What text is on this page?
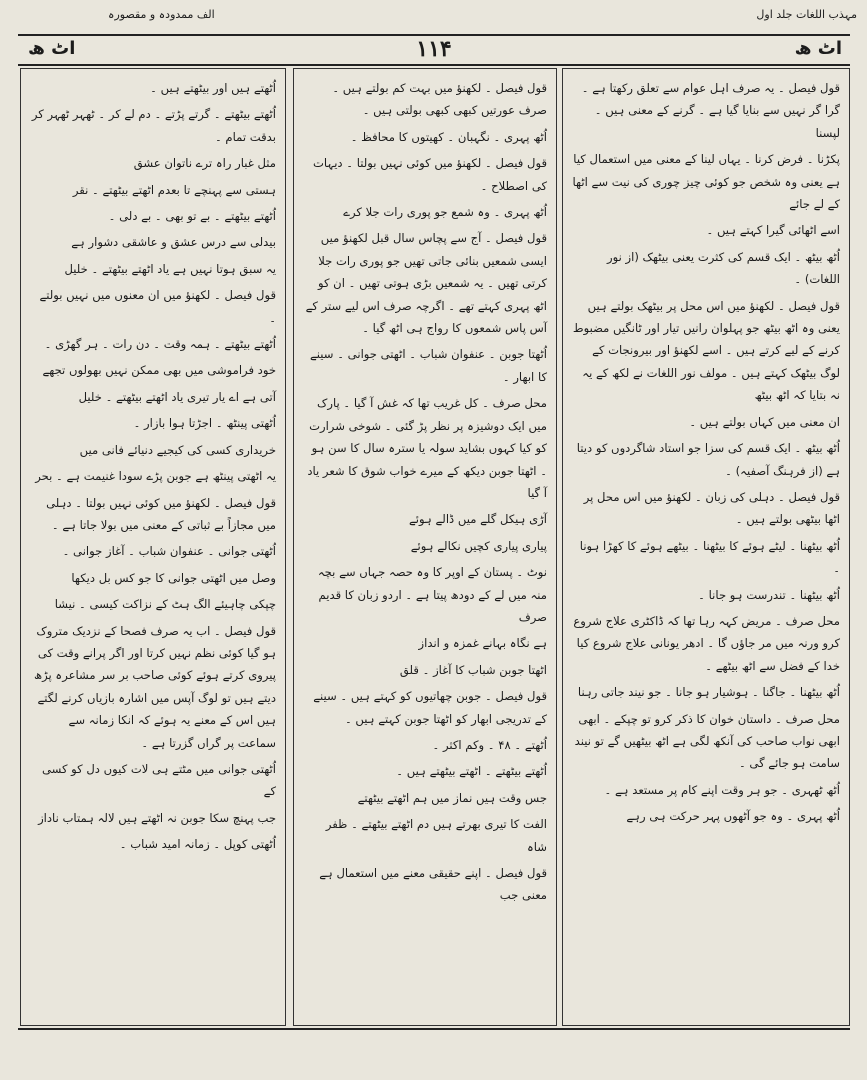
مہذب اللغات جلد اول
الف ممدودہ و مقصورہ
اٹ ھ
۱۱۴
اٹ ھ

قول فیصل ۔ یہ صرف اہل عوام سے تعلق رکھتا ہے ۔ گرا گر نہیں سے بنایا گیا ہے ۔ گرنے کے معنی ہیں ۔ لپسنا

پکڑنا ۔ فرض کرنا ۔ یہاں لینا کے معنی میں استعمال کیا ہے یعنی وہ شخص جو کوئی چیز چوری کی نیت سے اٹھا کے لے جائے

اسے اٹھائی گیرا کہتے ہیں ۔

اُٹھ بیٹھ ۔ ایک قسم کی کثرت یعنی بیٹھک (از نور اللغات) ۔

قول فیصل ۔ لکھنؤ میں اس محل پر بیٹھک بولتے ہیں یعنی وہ اٹھ بیٹھ جو پہلوان رانیں تیار اور ٹانگیں مضبوط کرنے کے لیے کرتے ہیں ۔ اسے لکھنؤ اور بیرونجات کے لوگ بیٹھک کہتے ہیں ۔ مولف نور اللغات نے لکھ کے یہ نہ بتایا کہ اٹھ بیٹھ

ان معنی میں کہاں بولتے ہیں ۔

اُٹھ بیٹھ ۔ ایک قسم کی سزا جو استاد شاگردوں کو دیتا ہے (از فرہنگ آصفیہ) ۔

قول فیصل ۔ دہلی کی زبان ۔ لکھنؤ میں اس محل پر اٹھا بیٹھی بولتے ہیں ۔

اُٹھ بیٹھنا ۔ لیٹے ہوئے کا بیٹھنا ۔ بیٹھے ہوئے کا کھڑا ہونا ۔

اُٹھ بیٹھنا ۔ تندرست ہو جانا ۔

محل صرف ۔ مریض کہہ رہا تھا کہ ڈاکٹری علاج شروع کرو ورنہ میں مر جاؤں گا ۔ ادھر یونانی علاج شروع کیا خدا کے فضل سے اٹھ بیٹھے ۔

اُٹھ بیٹھنا ۔ جاگنا ۔ ہوشیار ہو جانا ۔ جو نیند جاتی رہنا

محل صرف ۔ داستان خوان کا ذکر کرو تو چپکے ۔ ابھی ابھی نواب صاحب کی آنکھ لگی ہے اٹھ بیٹھیں گے تو نیند سامت ہو جائے گی ۔

اُٹھ ٹھہری ۔ جو ہر وقت اپنے کام پر مستعد ہے ۔

اُٹھ پہری ۔ وہ جو آٹھوں پہر حرکت ہی رہے

قول فیصل ۔ لکھنؤ میں بہت کم بولتے ہیں ۔ صرف عورتیں کبھی کبھی بولتی ہیں ۔

اُٹھ پہری ۔ نگہبان ۔ کھیتوں کا محافظ ۔

قول فیصل ۔ لکھنؤ میں کوئی نہیں بولتا ۔ دیہات کی اصطلاح ۔

اُٹھ پہری ۔ وہ شمع جو پوری رات جلا کرے

قول فیصل ۔ آج سے پچاس سال قبل لکھنؤ میں ایسی شمعیں بنائی جاتی تھیں جو پوری رات جلا کرتی تھیں ۔ یہ شمعیں بڑی ہوتی تھیں ۔ ان کو اٹھ پہری کہتے تھے ۔ اگرچہ صرف اس لیے ستر کے آس پاس شمعوں کا رواج ہی اٹھ گیا ۔

اُٹھتا جوبن ۔ عنفوان شباب ۔ اٹھتی جوانی ۔ سینے کا ابھار ۔

محل صرف ۔ کل غریب تھا کہ غش آ گیا ۔ پارک میں ایک دوشیزہ پر نظر پڑ گئی ۔ شوخی شرارت کو کیا کہوں بشاید سولہ یا سترہ سال کا سن ہو ۔ اٹھتا جوبن دیکھ کے میرے خواب شوق کا شعر یاد آ گیا

آڑی ہیکل گلے میں ڈالے ہوئے

پیاری پیاری کچیں نکالے ہوئے

نوٹ ۔ پستان کے اوپر کا وہ حصہ جہاں سے بچہ منہ میں لے کے دودھ پیتا ہے ۔ اردو زبان کا قدیم صرف

ہے نگاہ بہانے غمزہ و انداز

اٹھتا جوبن شباب کا آغاز ۔ قلق

قول فیصل ۔ جوبن چھاتیوں کو کہتے ہیں ۔ سینے کے تدریجی ابھار کو اٹھتا جوبن کہتے ہیں ۔

اُٹھتے ۔ ۴۸ ۔ وکم اکثر ۔

اُٹھتے بیٹھتے ۔ اٹھتے بیٹھتے ہیں ۔

جس وقت ہیں نماز میں ہم اٹھتے بیٹھتے

الفت کا تیری بھرتے ہیں دم اٹھتے بیٹھتے ۔ ظفر شاہ

قول فیصل ۔ اپنے حقیقی معنے میں استعمال ہے معنی جب

اُٹھتے ہیں اور بیٹھتے ہیں ۔

اُٹھتے بیٹھتے ۔ گرتے پڑتے ۔ دم لے کر ۔ ٹھہر ٹھہر کر بدقت تمام ۔

مثل غبار راہ ترے ناتوان عشق

ہستی سے پہنچے تا بعدم اٹھتے بیٹھتے ۔ نقر

اُٹھتے بیٹھتے ۔ بے تو بھی ۔ بے دلی ۔

بیدلی سے درس عشق و عاشقی دشوار ہے

یہ سبق ہوتا نہیں ہے یاد اٹھتے بیٹھتے ۔ خلیل

قول فیصل ۔ لکھنؤ میں ان معنوں میں نہیں بولتے ۔

اُٹھتے بیٹھتے ۔ ہمہ وقت ۔ دن رات ۔ ہر گھڑی ۔

خود فراموشی میں بھی ممکن نہیں بھولوں تجھے

آتی ہے اے یار تیری یاد اٹھتے بیٹھتے ۔ خلیل

اُٹھتی پینٹھ ۔ اجڑتا ہوا بازار ۔

خریداری کسی کی کیجیے دنیائے فانی میں

یہ اٹھتی پینٹھ ہے جوبن پڑے سودا غنیمت ہے ۔ بحر

قول فیصل ۔ لکھنؤ میں کوئی نہیں بولتا ۔ دہلی میں مجازاً بے ثباتی کے معنی میں بولا جاتا ہے ۔

اُٹھتی جوانی ۔ عنفوان شباب ۔ آغاز جوانی ۔

وصل میں اٹھتی جوانی کا جو کس بل دیکھا

چپکی چاہیئے الگ ہٹ کے نزاکت کیسی ۔ نیشا

قول فیصل ۔ اب یہ صرف فصحا کے نزدیک متروک ہو گیا کوئی نظم نہیں کرتا اور اگر پرانے وقت کی پیروی کرتے ہوئے کوئی صاحب بر سر مشاعرہ پڑھ دیتے ہیں تو لوگ آپس میں اشارہ بازیاں کرنے لگتے ہیں اس کے معنے یہ ہوئے کہ انکا زمانہ سے سماعت پر گراں گزرتا ہے ۔

اُٹھتی جوانی میں مٹتے ہی لات کیوں دل کو کسی کے

جب پہنچ سکا جوبن نہ اٹھتے ہیں لالہ ہمتاب ناداز

اُٹھتی کوپل ۔ زمانہ امید شباب ۔
